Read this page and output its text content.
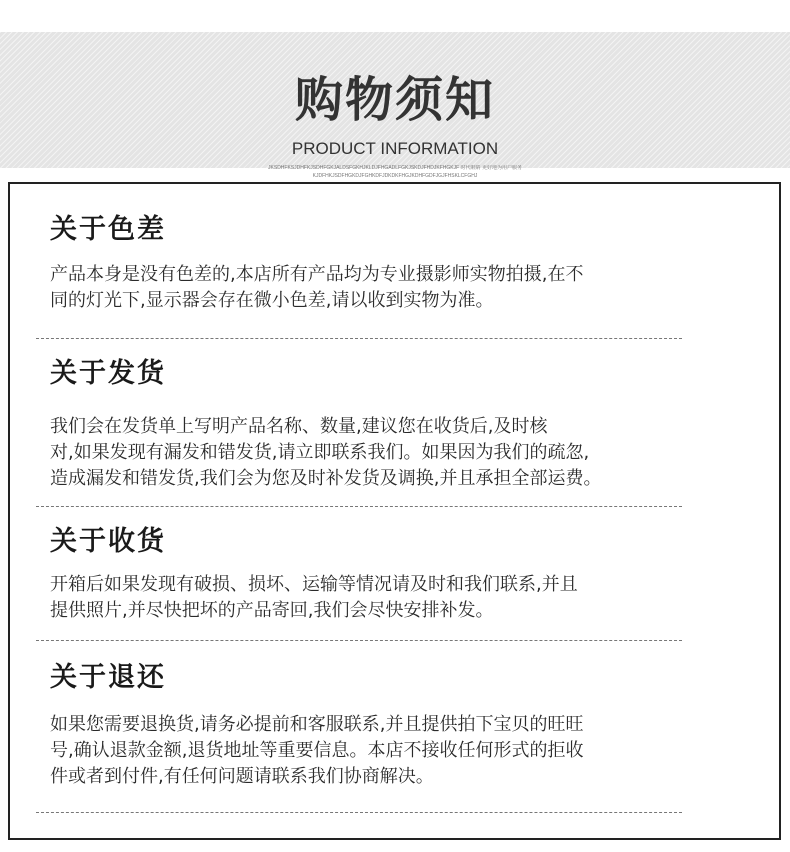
购物须知
PRODUCT INFORMATION
JKSDHFKSJDHFKJSDHFGKJALDSFGKHJKLDJFHGADLFGKJSKDJFHDJKFHGKJF 时代眼睛 更好地为用户服务
KJDFHKJSDFHGKDJFGHKDFJDKDKFHGJKDHFGDFJGJFHSKLCFGHJ
关于色差
产品本身是没有色差的,本店所有产品均为专业摄影师实物拍摄,在不
同的灯光下,显示器会存在微小色差,请以收到实物为准。
关于发货
我们会在发货单上写明产品名称、数量,建议您在收货后,及时核
对,如果发现有漏发和错发货,请立即联系我们。如果因为我们的疏忽,
造成漏发和错发货,我们会为您及时补发货及调换,并且承担全部运费。
关于收货
开箱后如果发现有破损、损坏、运输等情况请及时和我们联系,并且
提供照片,并尽快把坏的产品寄回,我们会尽快安排补发。
关于退还
如果您需要退换货,请务必提前和客服联系,并且提供拍下宝贝的旺旺
号,确认退款金额,退货地址等重要信息。本店不接收任何形式的拒收
件或者到付件,有任何问题请联系我们协商解决。
